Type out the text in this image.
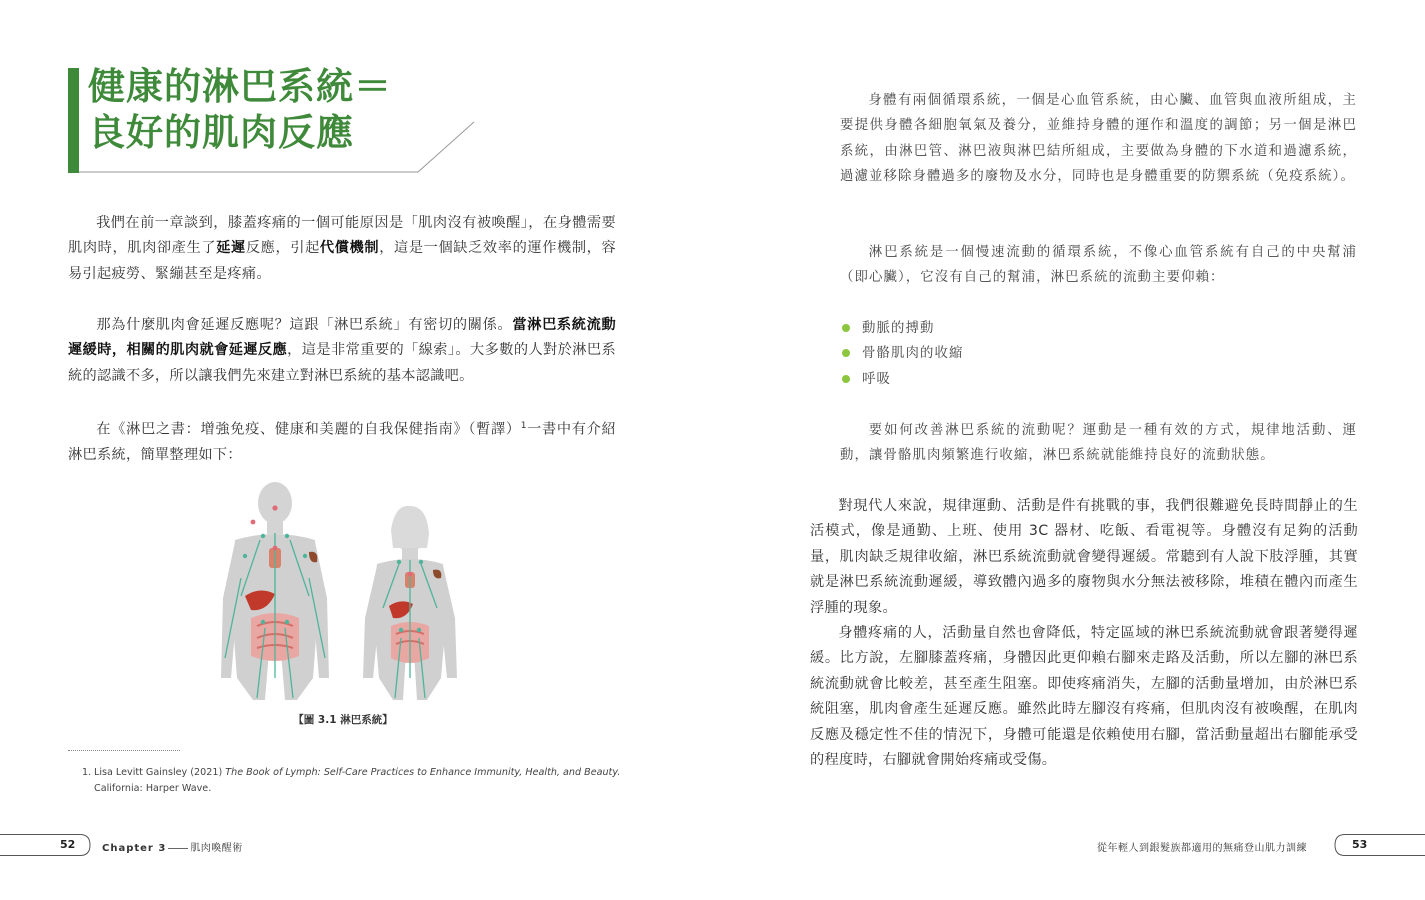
健康的淋巴系統＝
良好的肌肉反應

我們在前一章談到，膝蓋疼痛的一個可能原因是「肌肉沒有被喚醒」，在身體需要肌肉時，肌肉卻產生了延遲反應，引起代償機制，這是一個缺乏效率的運作機制，容易引起疲勞、緊繃甚至是疼痛。

那為什麼肌肉會延遲反應呢？這跟「淋巴系統」有密切的關係。當淋巴系統流動遲緩時，相關的肌肉就會延遲反應，這是非常重要的「線索」。大多數的人對於淋巴系統的認識不多，所以讓我們先來建立對淋巴系統的基本認識吧。

在《淋巴之書：增強免疫、健康和美麗的自我保健指南》（暫譯）$^1$一書中有介紹淋巴系統，簡單整理如下：

【圖 3.1 淋巴系統】

1. Lisa Levitt Gainsley (2021) The Book of Lymph: Self-Care Practices to Enhance Immunity, Health, and Beauty.
California: Harper Wave.

52	Chapter 3 肌肉喚醒術

身體有兩個循環系統，一個是心血管系統，由心臟、血管與血液所組成，主要提供身體各細胞氧氣及養分，並維持身體的運作和溫度的調節；另一個是淋巴系統，由淋巴管、淋巴液與淋巴結所組成，主要做為身體的下水道和過濾系統，過濾並移除身體過多的廢物及水分，同時也是身體重要的防禦系統（免疫系統）。

淋巴系統是一個慢速流動的循環系統，不像心血管系統有自己的中央幫浦（即心臟），它沒有自己的幫浦，淋巴系統的流動主要仰賴：

動脈的搏動
骨骼肌肉的收縮
呼吸

要如何改善淋巴系統的流動呢？運動是一種有效的方式，規律地活動、運動，讓骨骼肌肉頻繁進行收縮，淋巴系統就能維持良好的流動狀態。

對現代人來說，規律運動、活動是件有挑戰的事，我們很難避免長時間靜止的生活模式，像是通勤、上班、使用 3C 器材、吃飯、看電視等。身體沒有足夠的活動量，肌肉缺乏規律收縮，淋巴系統流動就會變得遲緩。常聽到有人說下肢浮腫，其實就是淋巴系統流動遲緩，導致體內過多的廢物與水分無法被移除，堆積在體內而產生浮腫的現象。

身體疼痛的人，活動量自然也會降低，特定區域的淋巴系統流動就會跟著變得遲緩。比方說，左腳膝蓋疼痛，身體因此更仰賴右腳來走路及活動，所以左腳的淋巴系統流動就會比較差，甚至產生阻塞。即使疼痛消失，左腳的活動量增加，由於淋巴系統阻塞，肌肉會產生延遲反應。雖然此時左腳沒有疼痛，但肌肉沒有被喚醒，在肌肉反應及穩定性不佳的情況下，身體可能還是依賴使用右腳，當活動量超出右腳能承受的程度時，右腳就會開始疼痛或受傷。

從年輕人到銀髮族都適用的無痛登山肌力訓練	53
